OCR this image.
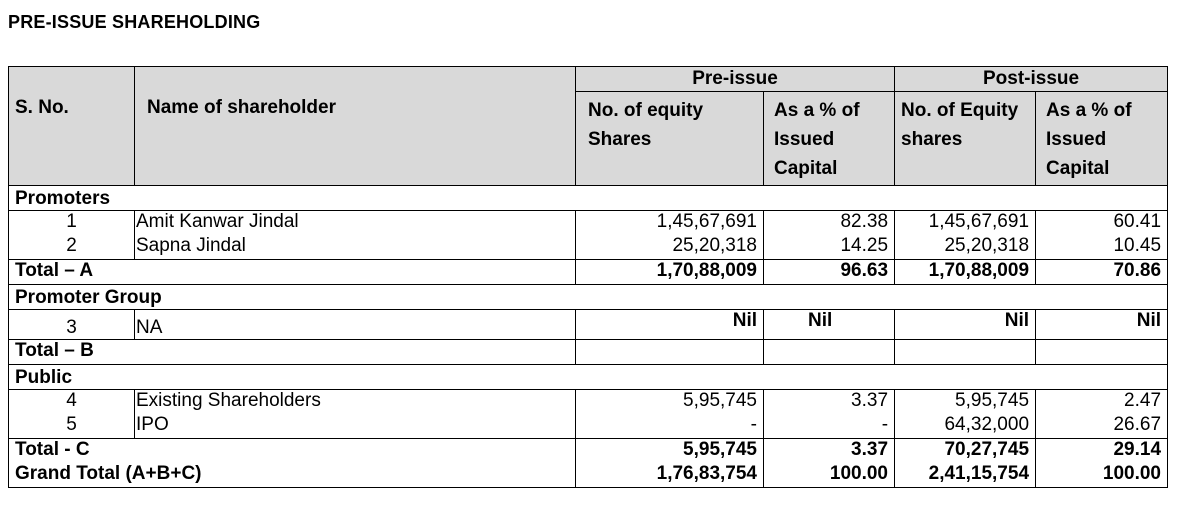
PRE-ISSUE SHAREHOLDING
S. No.	Name of shareholder	Pre-issue		Post-issue	
		No. of equity Shares	As a % of Issued Capital	No. of Equity shares	As a % of Issued Capital
Promoters					
1	Amit Kanwar Jindal	1,45,67,691	82.38	1,45,67,691	60.41
2	Sapna Jindal	25,20,318	14.25	25,20,318	10.45
Total – A		1,70,88,009	96.63	1,70,88,009	70.86
Promoter Group					
3	NA	Nil	Nil	Nil	Nil
Total – B					
Public					
4	Existing Shareholders	5,95,745	3.37	5,95,745	2.47
5	IPO	-	-	64,32,000	26.67
Total - C		5,95,745	3.37	70,27,745	29.14
Grand Total (A+B+C)		1,76,83,754	100.00	2,41,15,754	100.00
